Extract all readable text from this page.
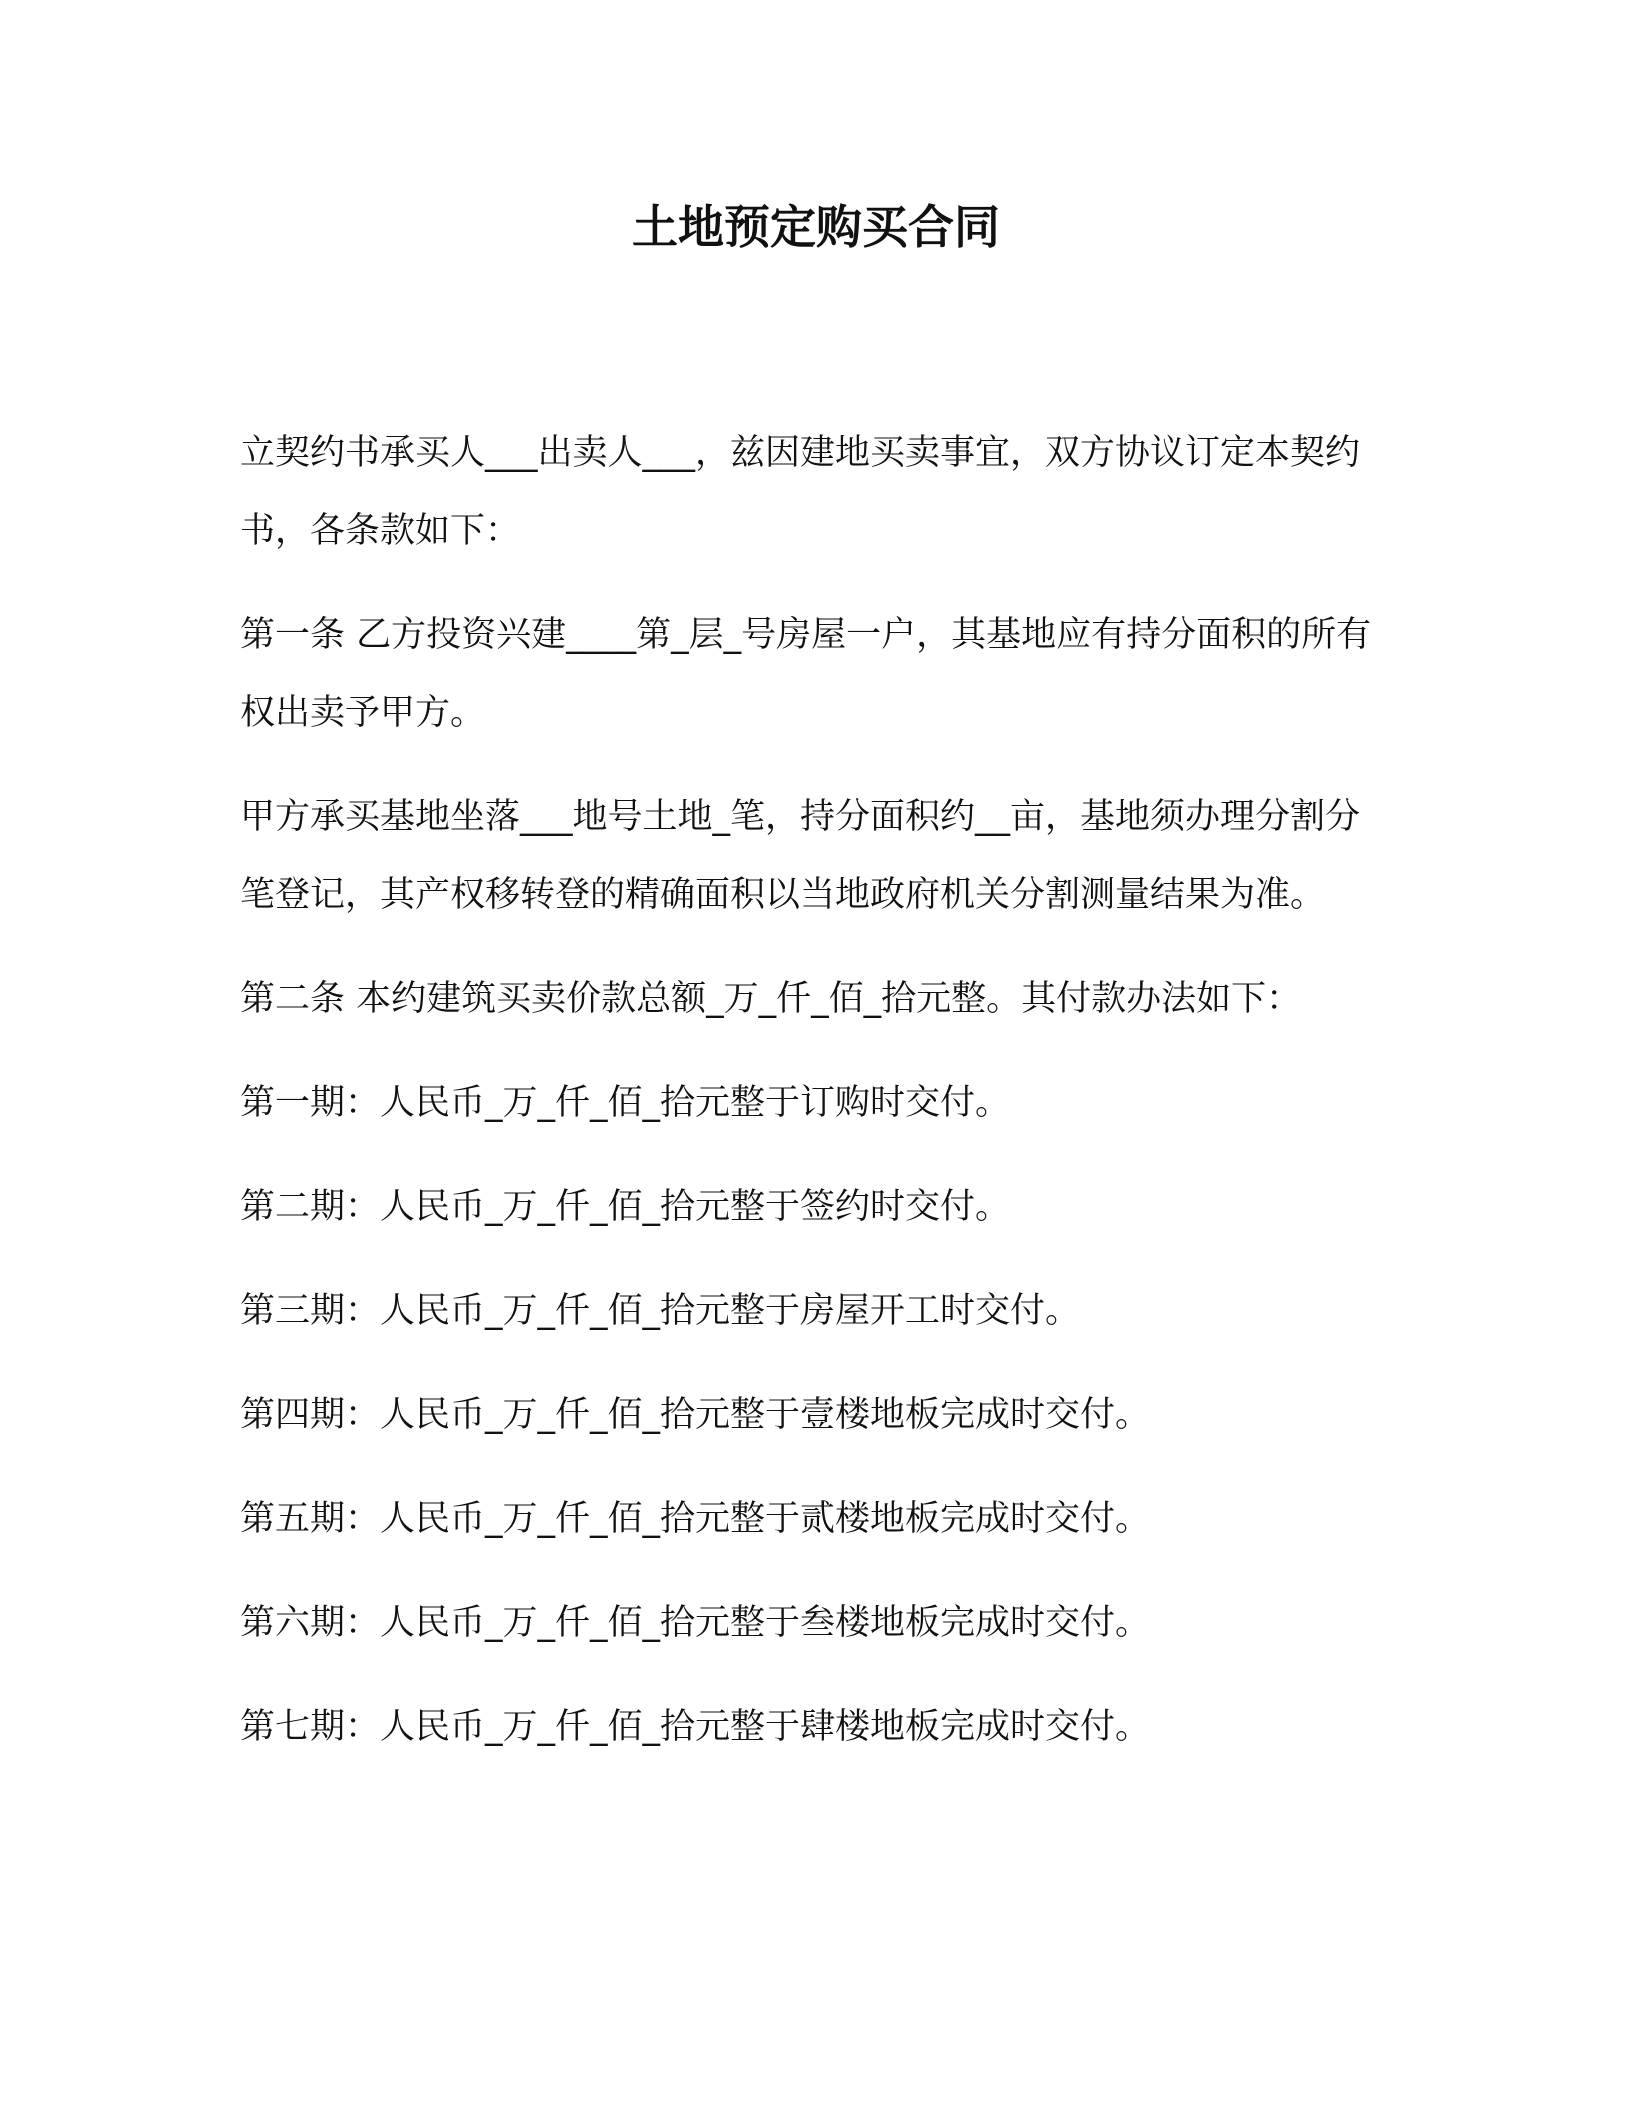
土地预定购买合同

立契约书承买人___出卖人___，兹因建地买卖事宜，双方协议订定本契约书，各条款如下：

第一条 乙方投资兴建____第_层_号房屋一户，其基地应有持分面积的所有权出卖予甲方。

甲方承买基地坐落___地号土地_笔，持分面积约__亩，基地须办理分割分笔登记，其产权移转登的精确面积以当地政府机关分割测量结果为准。

第二条 本约建筑买卖价款总额_万_仟_佰_拾元整。其付款办法如下：

第一期：人民币_万_仟_佰_拾元整于订购时交付。

第二期：人民币_万_仟_佰_拾元整于签约时交付。

第三期：人民币_万_仟_佰_拾元整于房屋开工时交付。

第四期：人民币_万_仟_佰_拾元整于壹楼地板完成时交付。

第五期：人民币_万_仟_佰_拾元整于贰楼地板完成时交付。

第六期：人民币_万_仟_佰_拾元整于叁楼地板完成时交付。

第七期：人民币_万_仟_佰_拾元整于肆楼地板完成时交付。
